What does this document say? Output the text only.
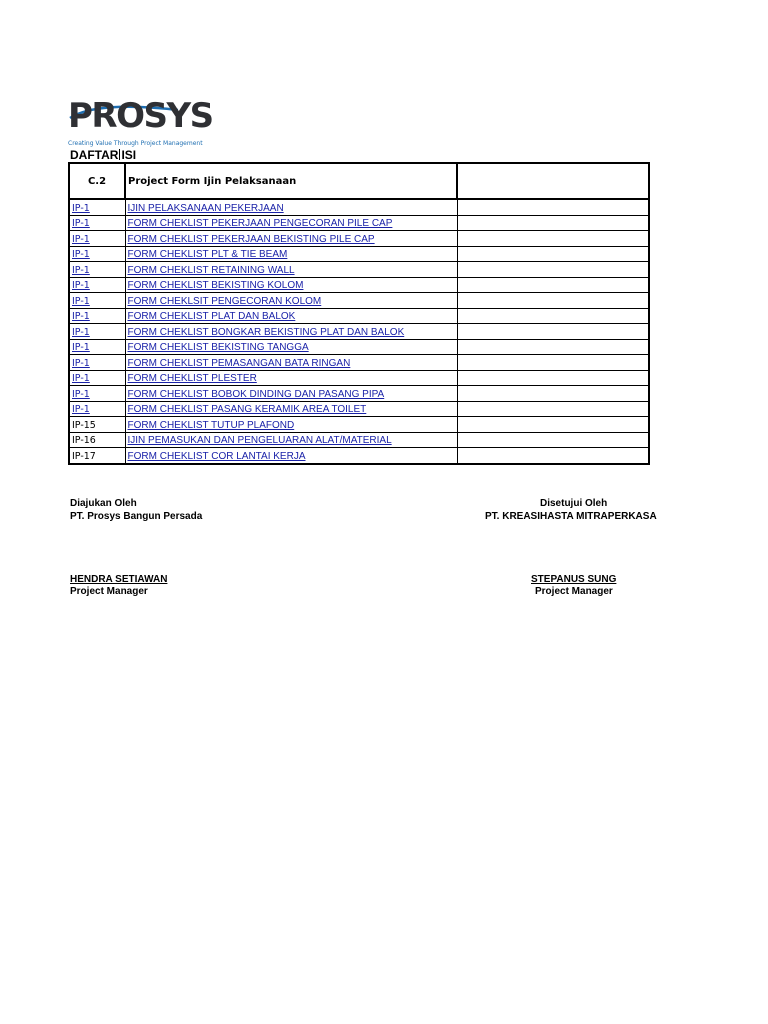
PROSYS
Creating Value Through Project Management
DAFTAR ISI
C.2	Project Form Ijin Pelaksanaan	
IP-1	IJIN PELAKSANAAN PEKERJAAN	
IP-1	FORM CHEKLIST PEKERJAAN PENGECORAN PILE CAP	
IP-1	FORM CHEKLIST PEKERJAAN BEKISTING PILE CAP	
IP-1	FORM CHEKLIST PLT & TIE BEAM	
IP-1	FORM CHEKLIST RETAINING WALL	
IP-1	FORM CHEKLIST BEKISTING KOLOM	
IP-1	FORM CHEKLSIT PENGECORAN KOLOM	
IP-1	FORM CHEKLIST PLAT DAN BALOK	
IP-1	FORM CHEKLIST BONGKAR BEKISTING PLAT DAN BALOK	
IP-1	FORM CHEKLIST BEKISTING TANGGA	
IP-1	FORM CHEKLIST PEMASANGAN BATA RINGAN	
IP-1	FORM CHEKLIST PLESTER	
IP-1	FORM CHEKLIST BOBOK DINDING DAN PASANG PIPA	
IP-1	FORM CHEKLIST PASANG KERAMIK AREA TOILET	
IP-15	FORM CHEKLIST TUTUP PLAFOND	
IP-16	IJIN PEMASUKAN DAN PENGELUARAN ALAT/MATERIAL	
IP-17	FORM CHEKLIST COR LANTAI KERJA	
Diajukan Oleh
PT. Prosys Bangun Persada
HENDRA SETIAWAN
Project Manager
Disetujui Oleh
PT. KREASIHASTA MITRAPERKASA
STEPANUS SUNG
Project Manager
